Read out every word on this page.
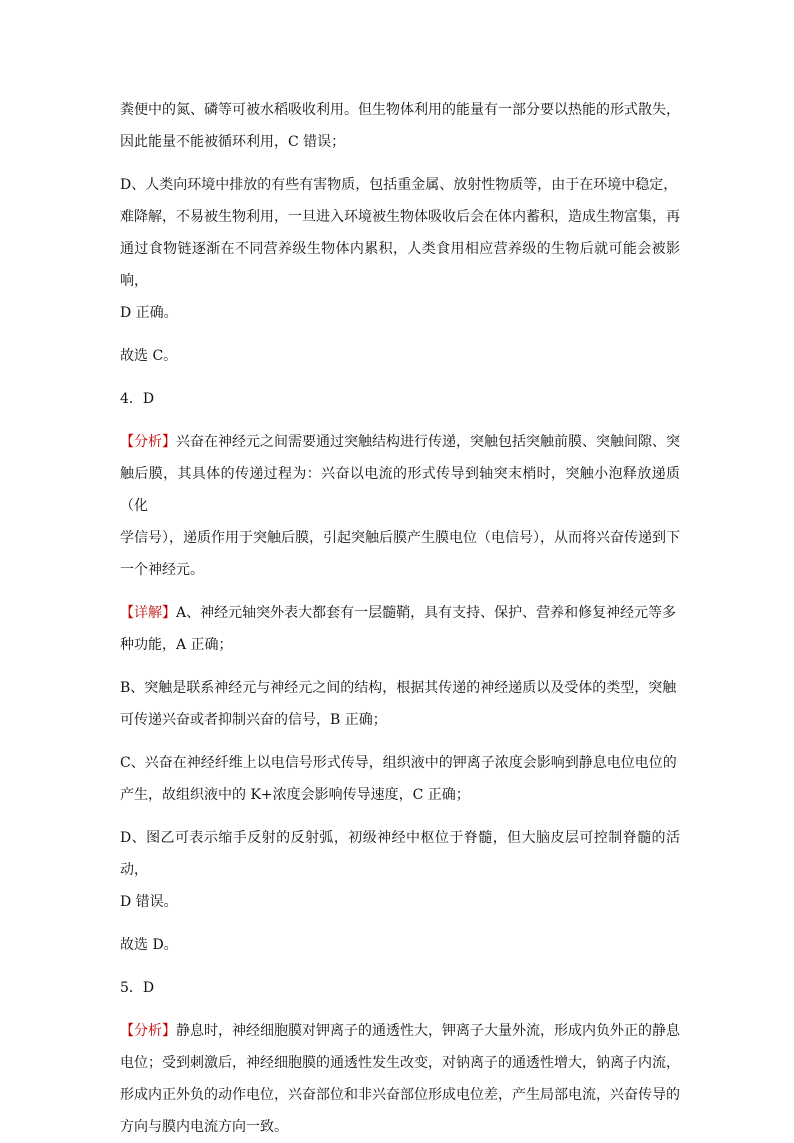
粪便中的氮、磷等可被水稻吸收利用。但生物体利用的能量有一部分要以热能的形式散失，
因此能量不能被循环利用，C 错误；
D、人类向环境中排放的有些有害物质，包括重金属、放射性物质等，由于在环境中稳定，
难降解，不易被生物利用，一旦进入环境被生物体吸收后会在体内蓄积，造成生物富集，再
通过食物链逐渐在不同营养级生物体内累积，人类食用相应营养级的生物后就可能会被影响，
D 正确。
故选 C。
4．D
【分析】兴奋在神经元之间需要通过突触结构进行传递，突触包括突触前膜、突触间隙、突
触后膜，其具体的传递过程为：兴奋以电流的形式传导到轴突末梢时，突触小泡释放递质（化
学信号），递质作用于突触后膜，引起突触后膜产生膜电位（电信号），从而将兴奋传递到下
一个神经元。
【详解】A、神经元轴突外表大都套有一层髓鞘，具有支持、保护、营养和修复神经元等多
种功能，A 正确；
B、突触是联系神经元与神经元之间的结构，根据其传递的神经递质以及受体的类型，突触
可传递兴奋或者抑制兴奋的信号，B 正确；
C、兴奋在神经纤维上以电信号形式传导，组织液中的钾离子浓度会影响到静息电位电位的
产生，故组织液中的 K+浓度会影响传导速度，C 正确；
D、图乙可表示缩手反射的反射弧，初级神经中枢位于脊髓，但大脑皮层可控制脊髓的活动，
D 错误。
故选 D。
5．D
【分析】静息时，神经细胞膜对钾离子的通透性大，钾离子大量外流，形成内负外正的静息
电位；受到刺激后，神经细胞膜的通透性发生改变，对钠离子的通透性增大，钠离子内流，
形成内正外负的动作电位，兴奋部位和非兴奋部位形成电位差，产生局部电流，兴奋传导的
方向与膜内电流方向一致。
